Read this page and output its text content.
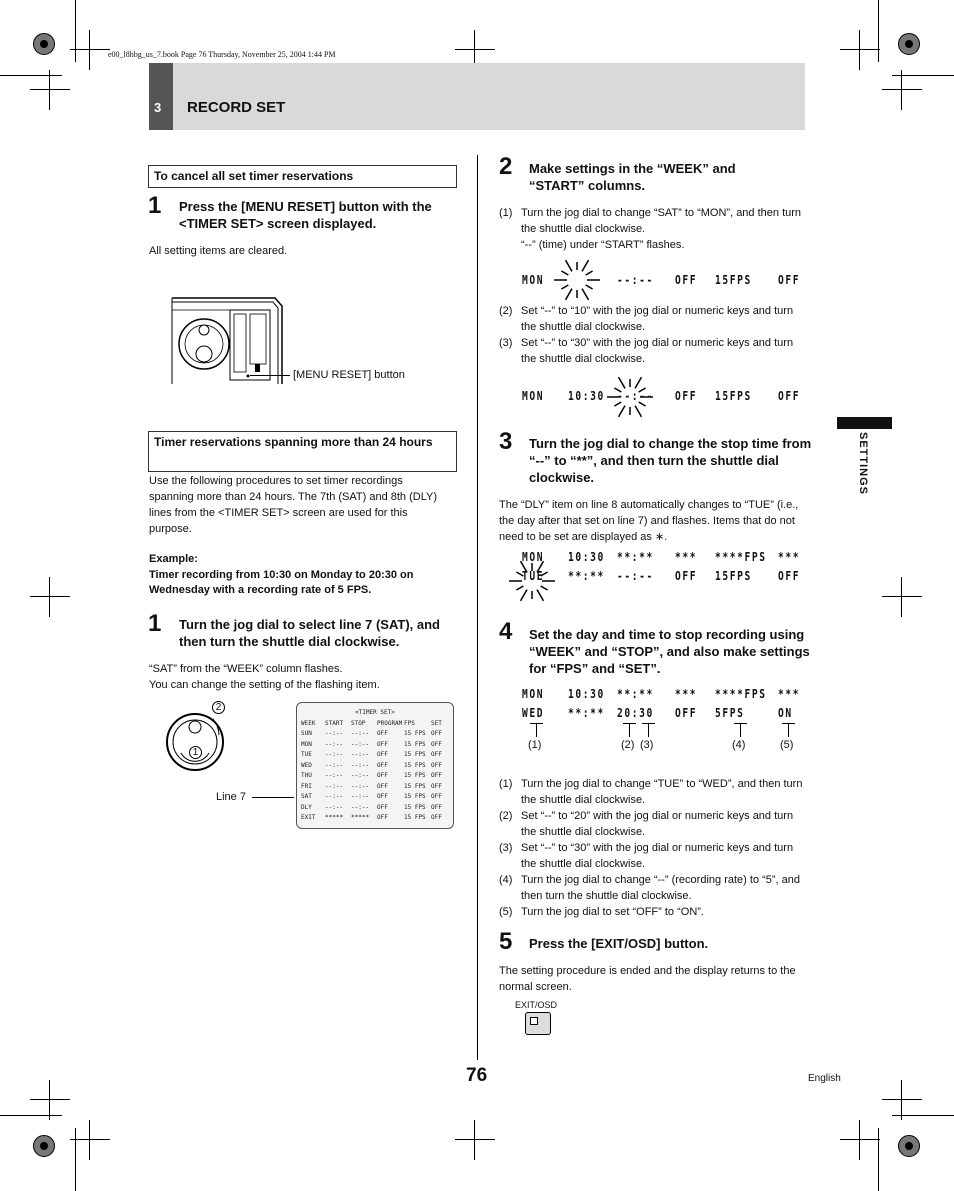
e00_l8hbg_us_7.book Page 76 Thursday, November 25, 2004 1:44 PM
3 RECORD SET
SETTINGS
To cancel all set timer reservations
1 Press the [MENU RESET] button with the <TIMER SET> screen displayed.
All setting items are cleared.
[MENU RESET] button
Timer reservations spanning more than 24 hours
Use the following procedures to set timer recordings spanning more than 24 hours. The 7th (SAT) and 8th (DLY) lines from the <TIMER SET> screen are used for this purpose.
Example:
Timer recording from 10:30 on Monday to 20:30 on Wednesday with a recording rate of 5 FPS.
1 Turn the jog dial to select line 7 (SAT), and then turn the shuttle dial clockwise.
“SAT” from the “WEEK” column flashes.
You can change the setting of the flashing item.
2
1
Line 7
<TIMER SET>
WEEK START STOP PROGRAM FPS	SET
SUN --:-- --:-- OFF	15 FPS OFF
MON --:-- --:-- OFF	15 FPS OFF
TUE --:-- --:-- OFF	15 FPS OFF
WED --:-- --:-- OFF	15 FPS OFF
THU --:-- --:-- OFF	15 FPS OFF
FRI --:-- --:-- OFF	15 FPS OFF
SAT --:-- --:-- OFF	15 FPS OFF
DLY --:-- --:-- OFF	15 FPS OFF
EXIT ***** ***** OFF	15 FPS OFF
2 Make settings in the “WEEK” and “START” columns.
(1) Turn the jog dial to change “SAT” to “MON”, and then turn the shuttle dial clockwise.
“--” (time) under “START” flashes.
MON	--:-- OFF 15FPS OFF
(2) Set “--” to “10” with the jog dial or numeric keys and turn the shuttle dial clockwise.
(3) Set “--” to “30” with the jog dial or numeric keys and turn the shuttle dial clockwise.
MON 10:30 --:-- OFF 15FPS OFF
3 Turn the jog dial to change the stop time from “--” to “**”, and then turn the shuttle dial clockwise.
The “DLY” item on line 8 automatically changes to “TUE” (i.e., the day after that set on line 7) and flashes. Items that do not need to be set are displayed as ∗.
MON 10:30 **:** *** ****FPS ***
TUE **:** --:-- OFF 15FPS OFF
4 Set the day and time to stop recording using “WEEK” and “STOP”, and also make settings for “FPS” and “SET”.
MON 10:30 **:** *** ****FPS ***
WED **:** 20:30 OFF 5FPS	ON
(1)	(2) (3)	(4)	(5)
(1) Turn the jog dial to change “TUE” to “WED”, and then turn the shuttle dial clockwise.
(2) Set “--” to “20” with the jog dial or numeric keys and turn the shuttle dial clockwise.
(3) Set “--” to “30” with the jog dial or numeric keys and turn the shuttle dial clockwise.
(4) Turn the jog dial to change “--” (recording rate) to “5”, and then turn the shuttle dial clockwise.
(5) Turn the jog dial to set “OFF” to “ON”.
5 Press the [EXIT/OSD] button.
The setting procedure is ended and the display returns to the normal screen.
EXIT/OSD
76	English
